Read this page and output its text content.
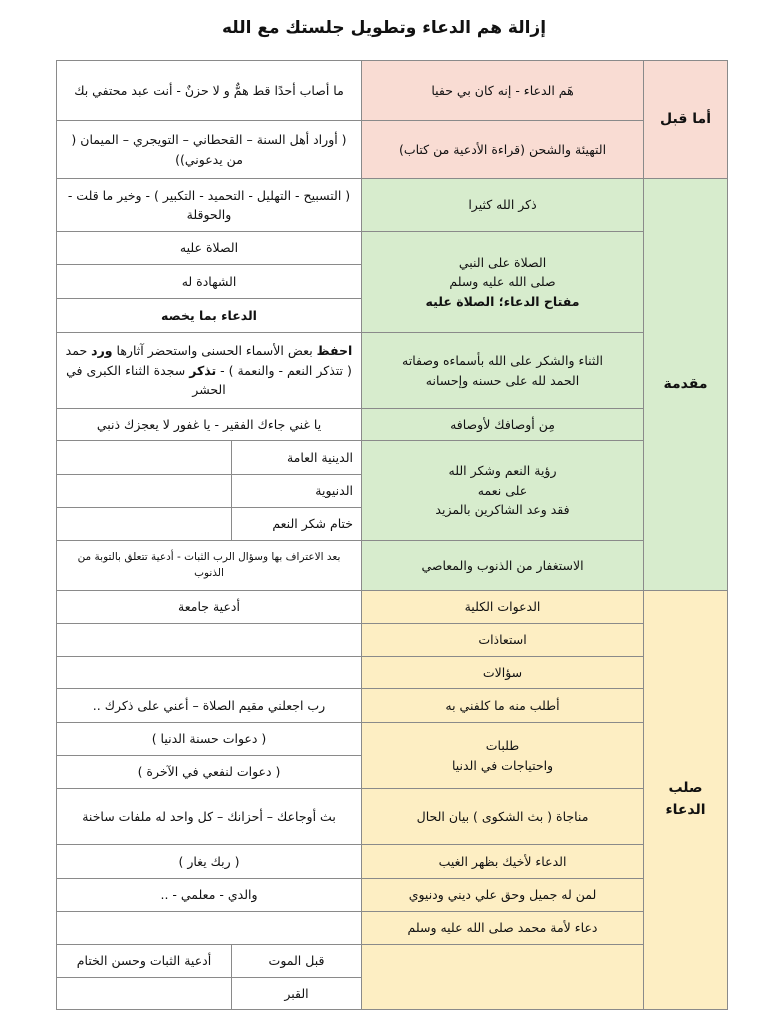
إزالة هم الدعاء وتطويل جلستك مع الله
أما قبل
مقدمة
صلب الدعاء
هَم الدعاء - إنه كان بي حفيا
ما أصاب أحدًا قط همٌّ و لا حزنٌ - أنت عبد محتفي بك
التهيئة والشحن (قراءة الأدعية من كتاب)
( أوراد أهل السنة – القحطاني – التويجري – الميمان ( من يدعوني))
ذكر الله كثيرا
( التسبيح - التهليل - التحميد - التكبير ) - وخير ما قلت - والحوقلة
الصلاة على النبي
صلى الله عليه وسلم
مفتاح الدعاء؛ الصلاة عليه
الصلاة عليه
الشهادة له
الدعاء بما يخصه
الثناء والشكر على الله بأسماءه وصفاته
الحمد لله على حسنه وإحسانه
احفظ بعض الأسماء الحسنى واستحضر آثارها ورد حمد ( تتذكر النعم - والنعمة ) - تذكر سجدة الثناء الكبرى في الحشر
مِن أوصافك لأوصافه
يا غني جاءك الفقير - يا غفور لا يعجزك ذنبي
رؤية النعم وشكر الله
على نعمه
فقد وعد الشاكرين بالمزيد
الدينية العامة
الدنيوية
ختام شكر النعم
الاستغفار من الذنوب والمعاصي
بعد الاعتراف بها وسؤال الرب الثبات - أدعية تتعلق بالتوبة من الذنوب
الدعوات الكلية
أدعية جامعة
استعاذات
سؤالات
أطلب منه ما كلفني به
رب اجعلني مقيم الصلاة – أعني على ذكرك ..
طلبات
واحتياجات في الدنيا
( دعوات حسنة الدنيا )
( دعوات لنفعي في الآخرة )
مناجاة ( بث الشكوى ) بيان الحال
بث أوجاعك – أحزانك – كل واحد له ملفات ساخنة
الدعاء لأخيك بظهر الغيب
( ربك يغار )
لمن له جميل وحق علي ديني ودنيوي
والدي - معلمي - ..
دعاء لأمة محمد صلى الله عليه وسلم
قبل الموت
أدعية الثبات وحسن الختام
القبر
